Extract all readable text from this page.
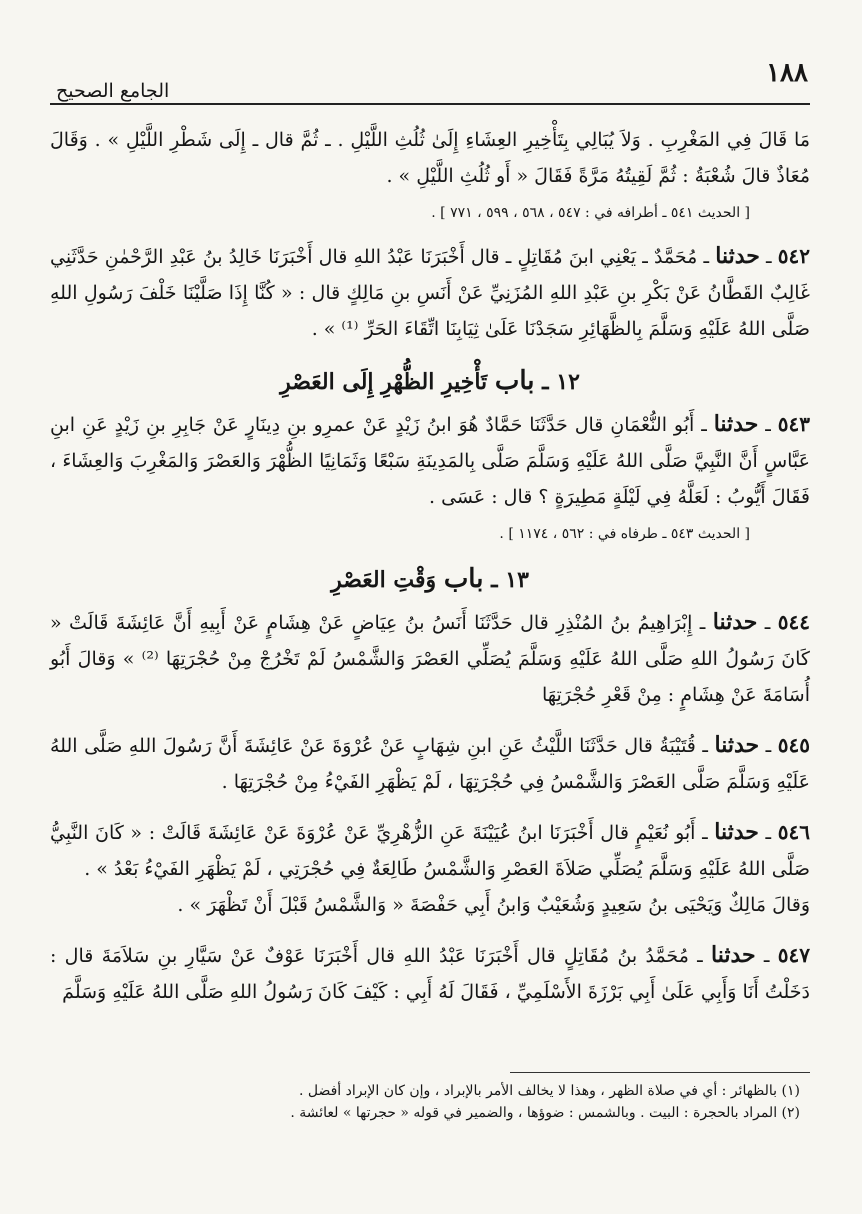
١٨٨
الجامع الصحيح

مَا قَالَ فِي المَغْرِبِ . وَلاَ يُبَالِي بِتَأْخِيرِ العِشَاءِ إِلَىٰ ثُلُثِ اللَّيْلِ . ـ ثُمَّ قال ـ إِلَى شَطْرِ اللَّيْلِ » . وَقَالَ مُعَاذٌ قالَ شُعْبَةُ : ثُمَّ لَقِيتُهُ مَرَّةً فَقَالَ « أَو ثُلُثِ اللَّيْلِ » .

[ الحديث ٥٤١ ـ أطرافه في : ٥٤٧ ، ٥٦٨ ، ٥٩٩ ، ٧٧١ ] .

٥٤٢ ـ حدثنا ـ مُحَمَّدٌ ـ يَعْنِي ابنَ مُقَاتِلٍ ـ قال أَخْبَرَنَا عَبْدُ اللهِ قال أَخْبَرَنَا خَالِدُ بنُ عَبْدِ الرَّحْمٰنِ حَدَّثَنِي غَالِبٌ القَطَّانُ عَنْ بَكْرِ بنِ عَبْدِ اللهِ المُزَنِيِّ عَنْ أَنَسِ بنِ مَالِكٍ قال : « كُنَّا إِذَا صَلَّيْنَا خَلْفَ رَسُولِ اللهِ صَلَّى اللهُ عَلَيْهِ وَسَلَّمَ بِالظَّهَائِرِ سَجَدْنَا عَلَىٰ ثِيَابِنَا اتِّقَاءَ الحَرِّ ⁽¹⁾ » .

١٢ ـ باب تَأْخِيرِ الظُّهْرِ إِلَى العَصْرِ

٥٤٣ ـ حدثنا ـ أَبُو النُّعْمَانِ قال حَدَّثَنَا حَمَّادٌ هُوَ ابنُ زَيْدٍ عَنْ عمرِو بنِ دِينَارٍ عَنْ جَابِرِ بنِ زَيْدٍ عَنِ ابنِ عَبَّاسٍ أَنَّ النَّبِيَّ صَلَّى اللهُ عَلَيْهِ وَسَلَّمَ صَلَّى بِالمَدِينَةِ سَبْعًا وَثَمَانِيًا الظُّهْرَ وَالعَصْرَ وَالمَغْرِبَ وَالعِشَاءَ ، فَقَالَ أَيُّوبُ : لَعَلَّهُ فِي لَيْلَةٍ مَطِيرَةٍ ؟ قال : عَسَى .

[ الحديث ٥٤٣ ـ طرفاه في : ٥٦٢ ، ١١٧٤ ] .

١٣ ـ باب وَقْتِ العَصْرِ

٥٤٤ ـ حدثنا ـ إِبْرَاهِيمُ بنُ المُنْذِرِ قال حَدَّثَنَا أَنَسُ بنُ عِيَاضٍ عَنْ هِشَامٍ عَنْ أَبِيهِ أَنَّ عَائِشَةَ قَالَتْ « كَانَ رَسُولُ اللهِ صَلَّى اللهُ عَلَيْهِ وَسَلَّمَ يُصَلِّي العَصْرَ وَالشَّمْسُ لَمْ تَخْرُجْ مِنْ حُجْرَتِهَا ⁽²⁾ » وَقالَ أَبُو أُسَامَةَ عَنْ هِشَامٍ : مِنْ قَعْرِ حُجْرَتِهَا

٥٤٥ ـ حدثنا ـ قُتَيْبَةُ قال حَدَّثَنَا اللَّيْثُ عَنِ ابنِ شِهَابٍ عَنْ عُرْوَةَ عَنْ عَائِشَةَ أَنَّ رَسُولَ اللهِ صَلَّى اللهُ عَلَيْهِ وَسَلَّمَ صَلَّى العَصْرَ وَالشَّمْسُ فِي حُجْرَتِهَا ، لَمْ يَظْهَرِ الفَيْءُ مِنْ حُجْرَتِهَا .

٥٤٦ ـ حدثنا ـ أَبُو نُعَيْمٍ قال أَخْبَرَنَا ابنُ عُيَيْنَةَ عَنِ الزُّهْرِيِّ عَنْ عُرْوَةَ عَنْ عَائِشَةَ قَالَتْ : « كَانَ النَّبِيُّ صَلَّى اللهُ عَلَيْهِ وَسَلَّمَ يُصَلِّي صَلاَةَ العَصْرِ وَالشَّمْسُ طَالِعَةٌ فِي حُجْرَتِي ، لَمْ يَظْهَرِ الفَيْءُ بَعْدُ » .

وَقالَ مَالِكٌ وَيَحْيَى بنُ سَعِيدٍ وَشُعَيْبٌ وَابنُ أَبِي حَفْصَةَ « وَالشَّمْسُ قَبْلَ أَنْ تَظْهَرَ » .

٥٤٧ ـ حدثنا ـ مُحَمَّدُ بنُ مُقَاتِلٍ قال أَخْبَرَنَا عَبْدُ اللهِ قال أَخْبَرَنَا عَوْفٌ عَنْ سَيَّارِ بنِ سَلاَمَةَ قال : دَخَلْتُ أَنَا وَأَبِي عَلَىٰ أَبِي بَرْزَةَ الأَسْلَمِيِّ ، فَقَالَ لَهُ أَبِي : كَيْفَ كَانَ رَسُولُ اللهِ صَلَّى اللهُ عَلَيْهِ وَسَلَّمَ

(١) بالظهائر : أي في صلاة الظهر ، وهذا لا يخالف الأمر بالإبراد ، وإن كان الإبراد أفضل .

(٢) المراد بالحجرة : البيت . وبالشمس : ضوؤها ، والضمير في قوله « حجرتها » لعائشة .
